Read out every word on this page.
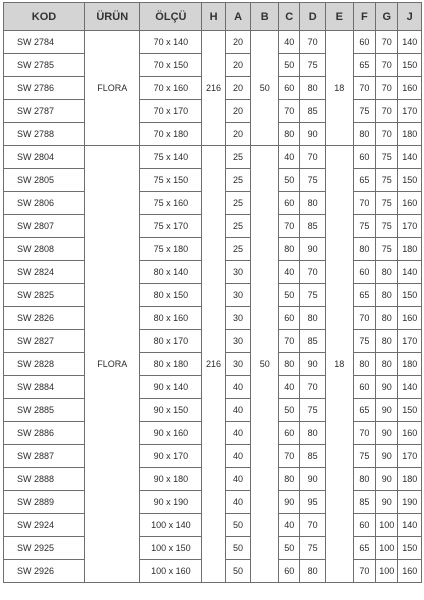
KOD	ÜRÜN	ÖLÇÜ	H	A	B	C	D	E	F	G	J
SW 2784	FLORA	70 x 140	216	20	50	40	70	18	60	70	140
SW 2785		70 x 150		20		50	75		65	70	150
SW 2786		70 x 160		20		60	80		70	70	160
SW 2787		70 x 170		20		70	85		75	70	170
SW 2788		70 x 180		20		80	90		80	70	180
SW 2804	FLORA	75 x 140	216	25	50	40	70	18	60	75	140
SW 2805		75 x 150		25		50	75		65	75	150
SW 2806		75 x 160		25		60	80		70	75	160
SW 2807		75 x 170		25		70	85		75	75	170
SW 2808		75 x 180		25		80	90		80	75	180
SW 2824		80 x 140		30		40	70		60	80	140
SW 2825		80 x 150		30		50	75		65	80	150
SW 2826		80 x 160		30		60	80		70	80	160
SW 2827		80 x 170		30		70	85		75	80	170
SW 2828		80 x 180		30		80	90		80	80	180
SW 2884		90 x 140		40		40	70		60	90	140
SW 2885		90 x 150		40		50	75		65	90	150
SW 2886		90 x 160		40		60	80		70	90	160
SW 2887		90 x 170		40		70	85		75	90	170
SW 2888		90 x 180		40		80	90		80	90	180
SW 2889		90 x 190		40		90	95		85	90	190
SW 2924		100 x 140		50		40	70		60	100	140
SW 2925		100 x 150		50		50	75		65	100	150
SW 2926		100 x 160		50		60	80		70	100	160
